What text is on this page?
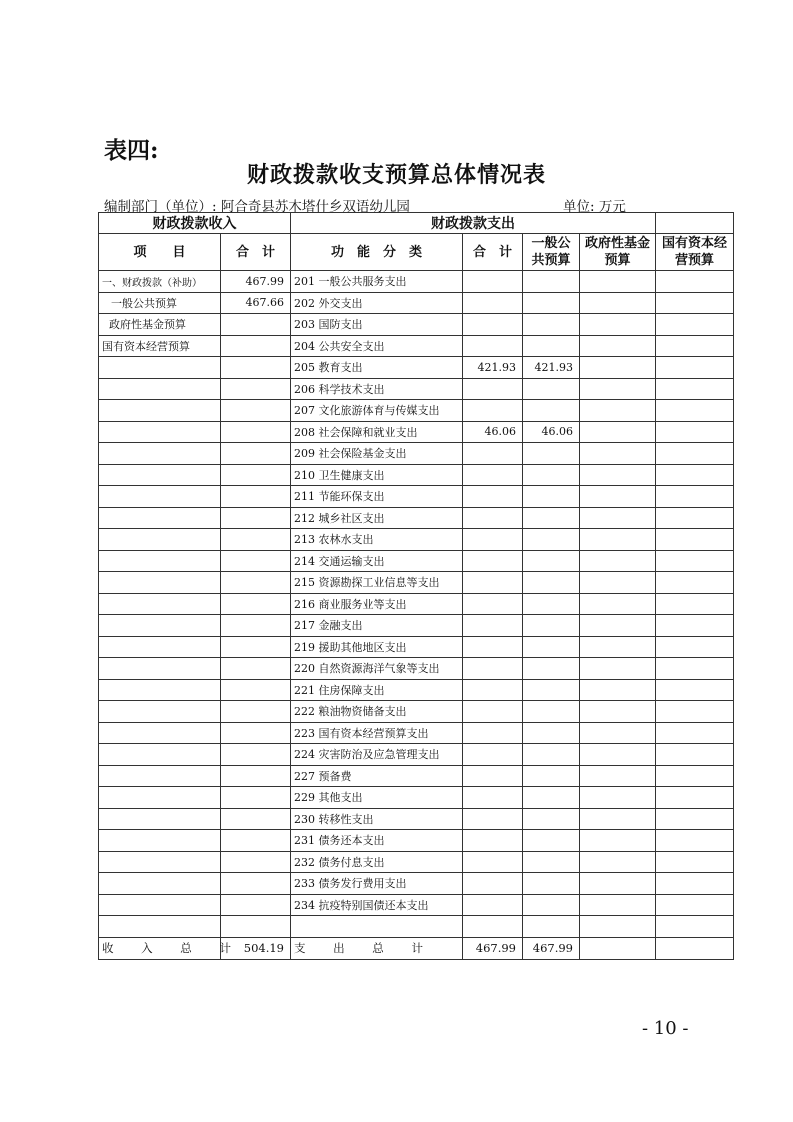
表四:
财政拨款收支预算总体情况表
编制部门（单位）: 阿合奇县苏木塔什乡双语幼儿园	单位: 万元
财政拨款收入		财政拨款支出				
项　　目	合　计	功　能　分　类	合　计	一般公共预算	政府性基金预算	国有资本经营预算
一、财政拨款（补助）	467.99	201 一般公共服务支出				
一般公共预算	467.66	202 外交支出				
政府性基金预算		203 国防支出				
国有资本经营预算		204 公共安全支出				
		205 教育支出	421.93	421.93		
		206 科学技术支出				
		207 文化旅游体育与传媒支出				
		208 社会保障和就业支出	46.06	46.06		
		209 社会保险基金支出				
		210 卫生健康支出				
		211 节能环保支出				
		212 城乡社区支出				
		213 农林水支出				
		214 交通运输支出				
		215 资源勘探工业信息等支出				
		216 商业服务业等支出				
		217 金融支出				
		219 援助其他地区支出				
		220 自然资源海洋气象等支出				
		221 住房保障支出				
		222 粮油物资储备支出				
		223 国有资本经营预算支出				
		224 灾害防治及应急管理支出				
		227 预备费				
		229 其他支出				
		230 转移性支出				
		231 债务还本支出				
		232 债务付息支出				
		233 债务发行费用支出				
		234 抗疫特别国债还本支出				

收 入 总 计	504.19	支 出 总 计	467.99	467.99		
- 10 -
